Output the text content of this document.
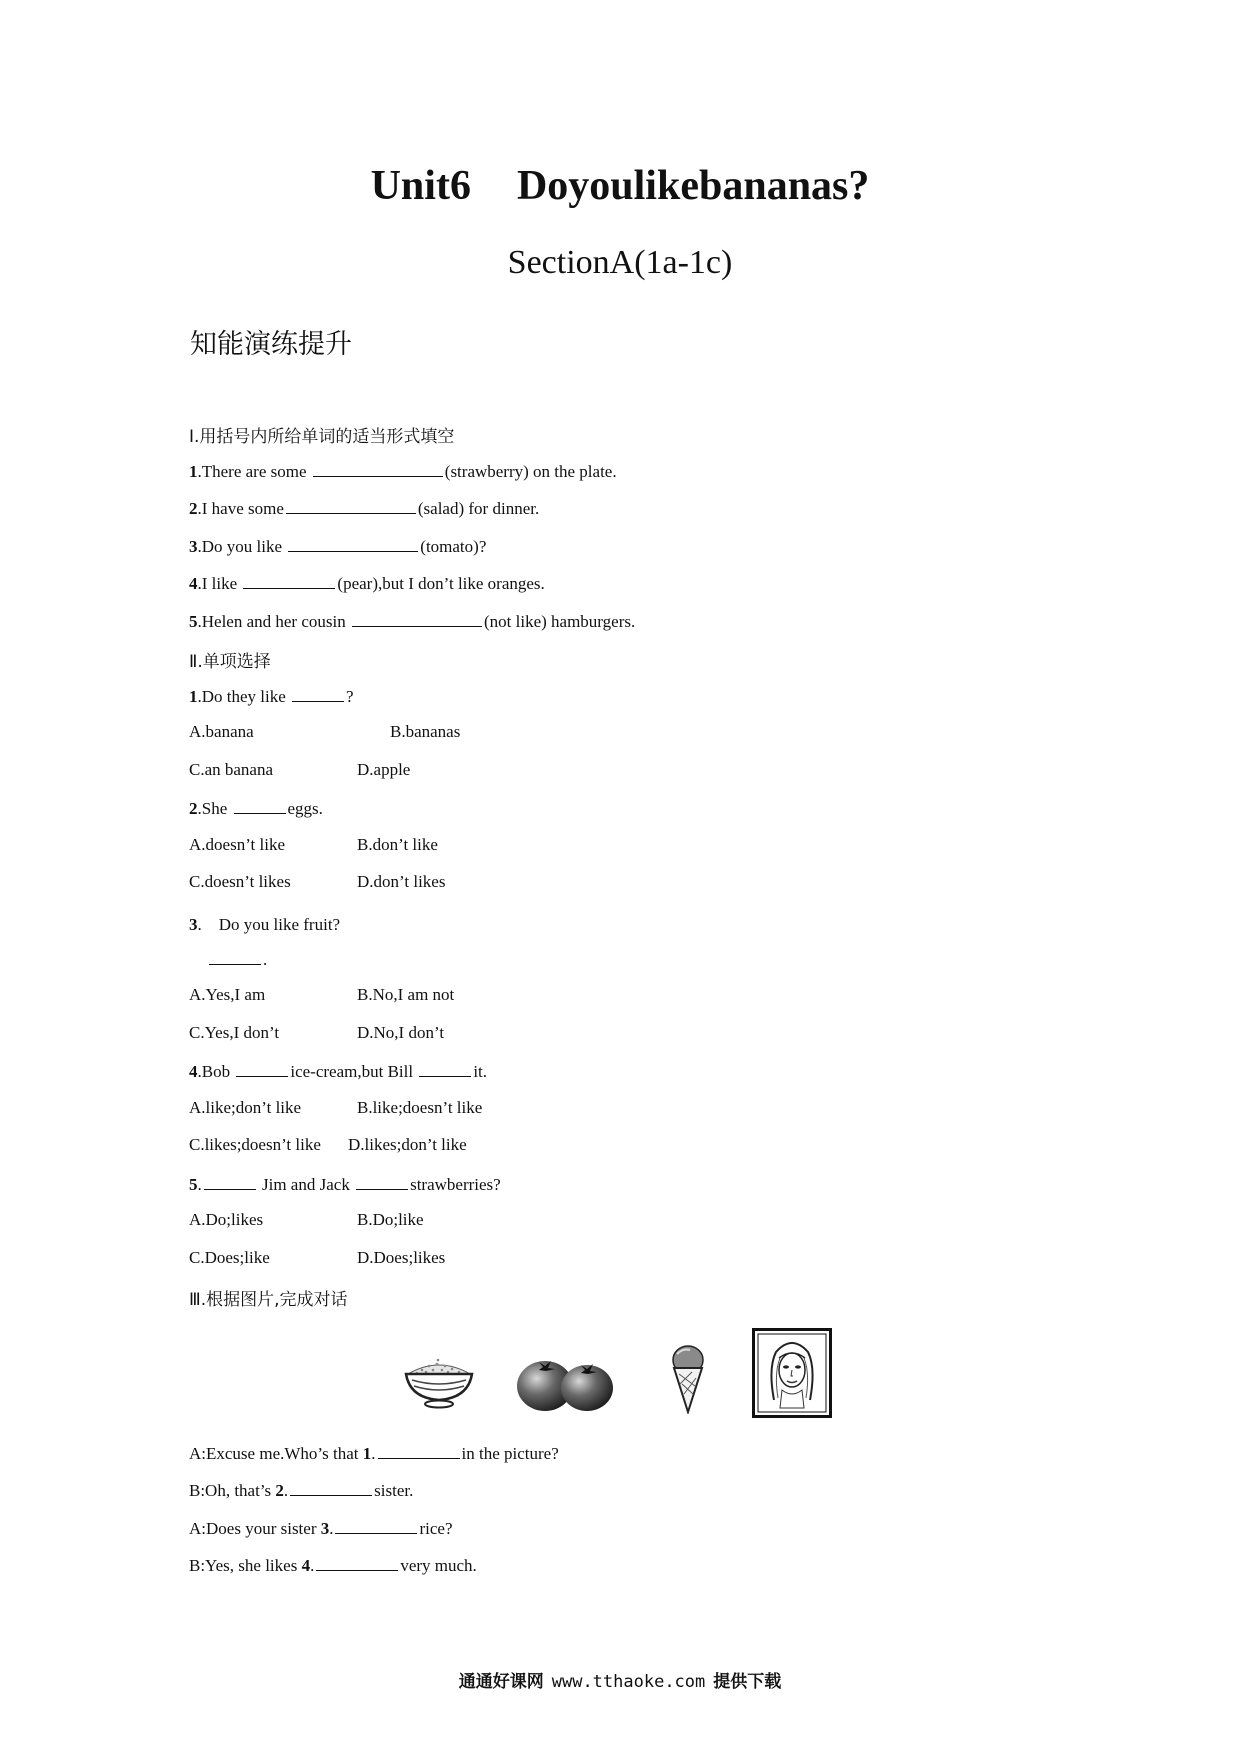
Unit6 Doyoulikebananas?
SectionA(1a-1c)
知能演练提升
Ⅰ.用括号内所给单词的适当形式填空
1.There are some	(strawberry) on the plate.
2.I have some	(salad) for dinner.
3.Do you like	(tomato)?
4.I like	(pear),but I don’t like oranges.
5.Helen and her cousin	(not like) hamburgers.
Ⅱ.单项选择
1.Do they like	?
A.banana	B.bananas
C.an banana	D.apple
2.She	eggs.
A.doesn’t like	B.don’t like
C.doesn’t likes	D.don’t likes
3.　Do you like fruit?
.
A.Yes,I am	B.No,I am not
C.Yes,I don’t	D.No,I don’t
4.Bob	ice-cream,but Bill	it.
A.like;don’t like	B.like;doesn’t like
C.likes;doesn’t like D.likes;don’t like
5.	Jim and Jack	strawberries?
A.Do;likes	B.Do;like
C.Does;like	D.Does;likes
Ⅲ.根据图片,完成对话
A:Excuse me.Who’s that 1.	in the picture?
B:Oh, that’s 2.	sister.
A:Does your sister 3.	rice?
B:Yes, she likes 4.	very much.
通通好课网 www.tthaoke.com 提供下载
